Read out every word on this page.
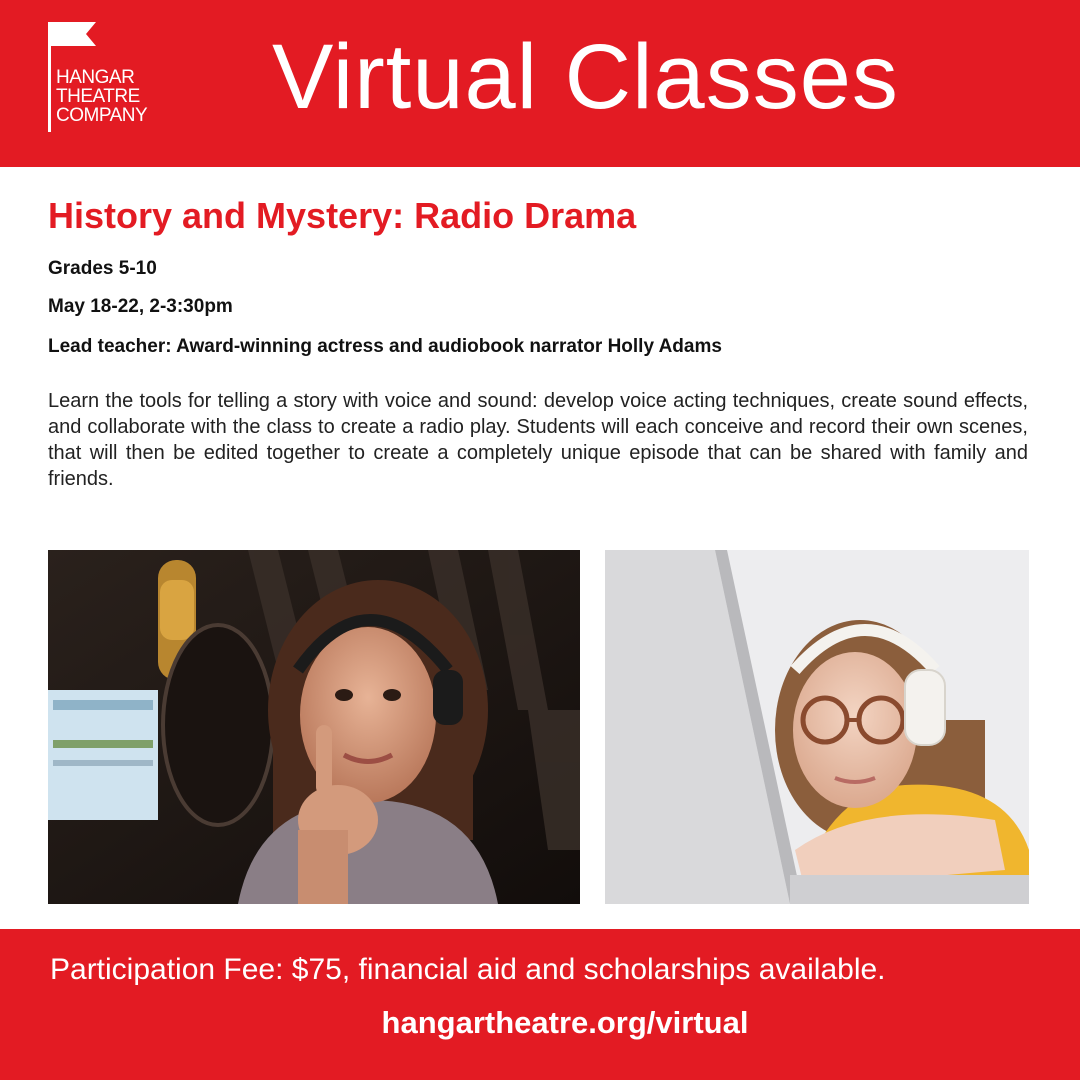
HANGAR
THEATRE
COMPANY Virtual Classes
History and Mystery: Radio Drama
Grades 5-10
May 18-22, 2-3:30pm
Lead teacher: Award-winning actress and audiobook narrator Holly Adams
Learn the tools for telling a story with voice and sound: develop voice acting techniques, create sound effects, and collaborate with the class to create a radio play. Students will each conceive and record their own scenes, that will then be edited together to create a completely unique episode that can be shared with family and friends.
Participation Fee: $75, financial aid and scholarships available.
hangartheatre.org/virtual
